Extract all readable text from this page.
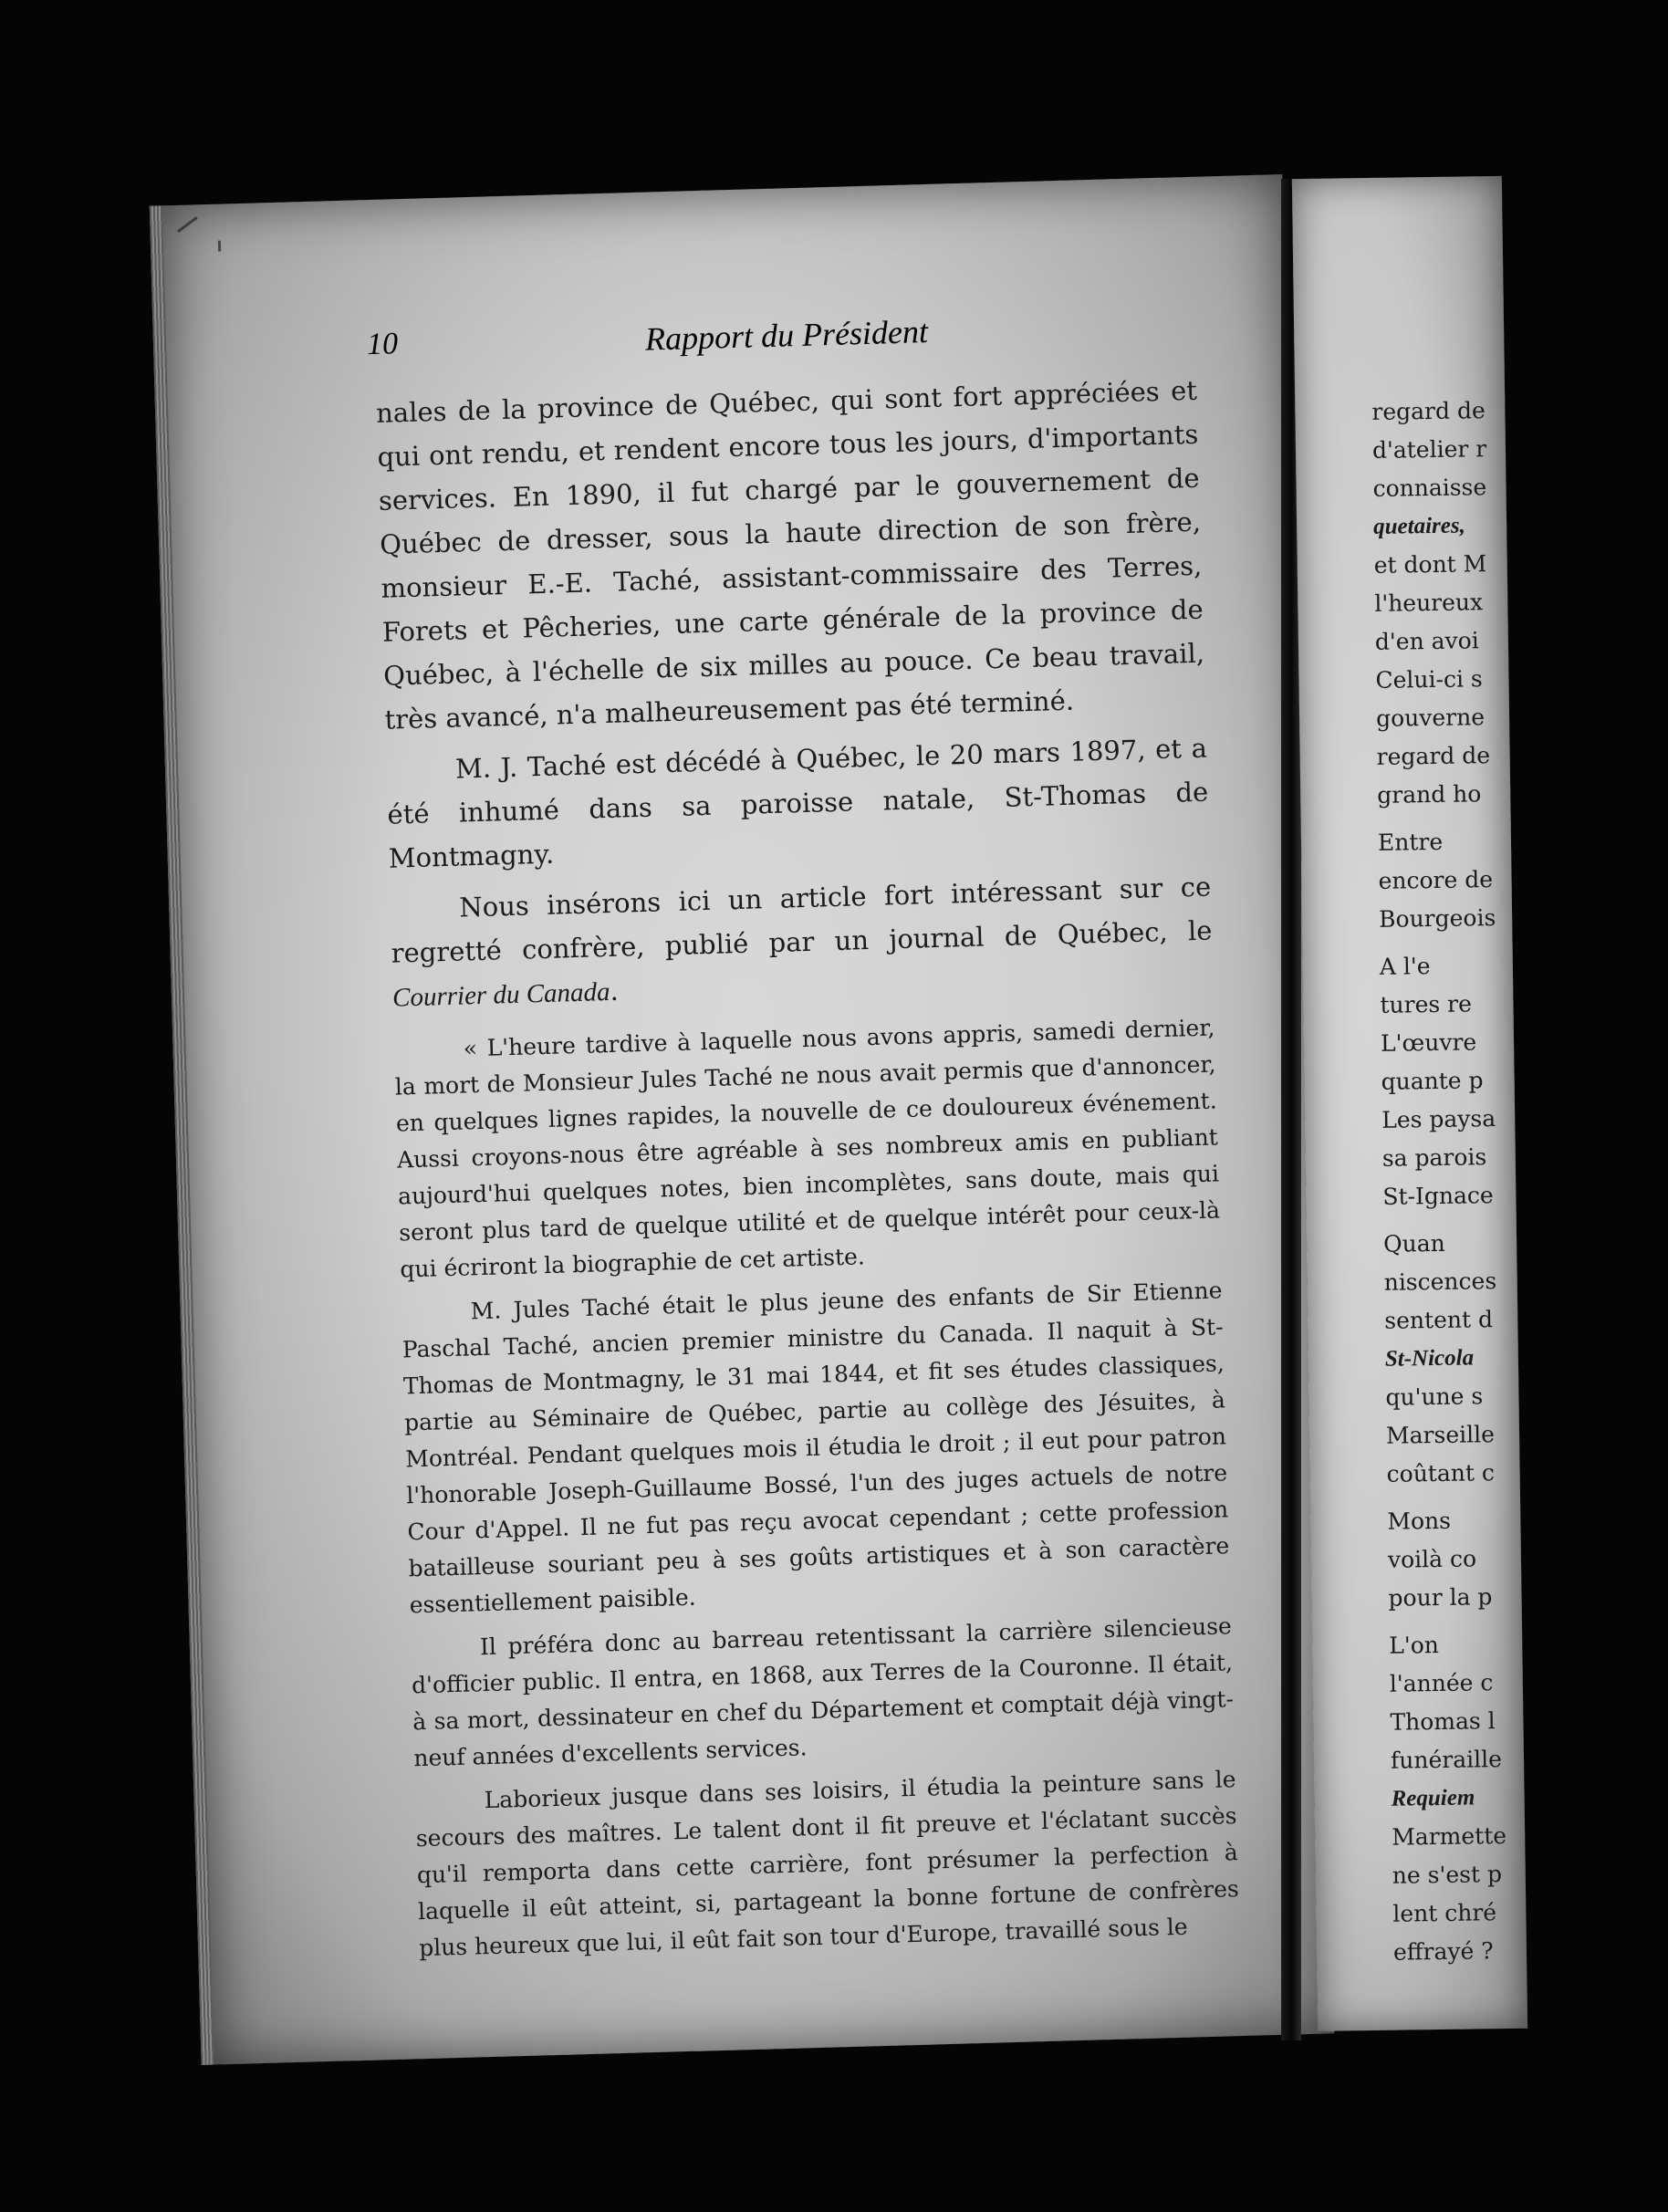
10	Rapport du Président

nales de la province de Québec, qui sont fort appréciées et qui ont rendu, et rendent encore tous les jours, d'importants services. En 1890, il fut chargé par le gouvernement de Québec de dresser, sous la haute direction de son frère, monsieur E.-E. Taché, assistant-commissaire des Terres, Forets et Pêcheries, une carte générale de la province de Québec, à l'échelle de six milles au pouce. Ce beau travail, très avancé, n'a malheureusement pas été terminé.

M. J. Taché est décédé à Québec, le 20 mars 1897, et a été inhumé dans sa paroisse natale, St-Thomas de Montmagny.

Nous insérons ici un article fort intéressant sur ce regretté confrère, publié par un journal de Québec, le Courrier du Canada.

« L'heure tardive à laquelle nous avons appris, samedi dernier, la mort de Monsieur Jules Taché ne nous avait permis que d'annoncer, en quelques lignes rapides, la nouvelle de ce douloureux événement. Aussi croyons-nous être agréable à ses nombreux amis en publiant aujourd'hui quelques notes, bien incomplètes, sans doute, mais qui seront plus tard de quelque utilité et de quelque intérêt pour ceux-là qui écriront la biographie de cet artiste.

M. Jules Taché était le plus jeune des enfants de Sir Etienne Paschal Taché, ancien premier ministre du Canada. Il naquit à St-Thomas de Montmagny, le 31 mai 1844, et fit ses études classiques, partie au Séminaire de Québec, partie au collège des Jésuites, à Montréal. Pendant quelques mois il étudia le droit ; il eut pour patron l'honorable Joseph-Guillaume Bossé, l'un des juges actuels de notre Cour d'Appel. Il ne fut pas reçu avocat cependant ; cette profession batailleuse souriant peu à ses goûts artistiques et à son caractère essentiellement paisible.

Il préféra donc au barreau retentissant la carrière silencieuse d'officier public. Il entra, en 1868, aux Terres de la Couronne. Il était, à sa mort, dessinateur en chef du Département et comptait déjà vingt-neuf années d'excellents services.

Laborieux jusque dans ses loisirs, il étudia la peinture sans le secours des maîtres. Le talent dont il fit preuve et l'éclatant succès qu'il remporta dans cette carrière, font présumer la perfection à laquelle il eût atteint, si, partageant la bonne fortune de confrères plus heureux que lui, il eût fait son tour d'Europe, travaillé sous le

regard de
d'atelier r
connaisse
quetaires,
et dont M
l'heureux
d'en avoi
Celui-ci s
gouverne
regard de
grand ho
Entre
encore de
Bourgeois
A l'e
tures re
L'œuvre
quante p
Les paysa
sa parois
St-Ignace
Quan
niscences
sentent d
St-Nicola
qu'une s
Marseille
coûtant c
Mons
voilà co
pour la p
L'on
l'année c
Thomas l
funéraille
Requiem
Marmette
ne s'est p
lent chré
effrayé ?
